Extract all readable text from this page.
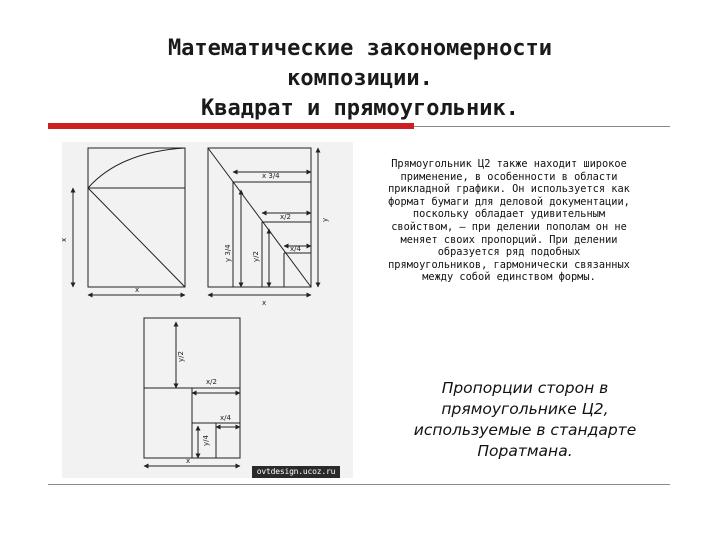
Математические закономерности
композиции.
Квадрат и прямоугольник.
x
x
x 3/4
x/2
x/4
y
y 3/4	y/2
x
y/2
x/2
x/4
y/4
x
ovtdesign.ucoz.ru
Прямоугольник Ц2 также находит широкое
применение, в особенности в области
прикладной графики. Он используется как
формат бумаги для деловой документации,
поскольку обладает удивительным
свойством, — при делении пополам он не
меняет своих пропорций. При делении
образуется ряд подобных
прямоугольников, гармонически связанных
между собой единством формы.
Пропорции сторон в
прямоугольнике Ц2,
используемые в стандарте
Поратмана.
